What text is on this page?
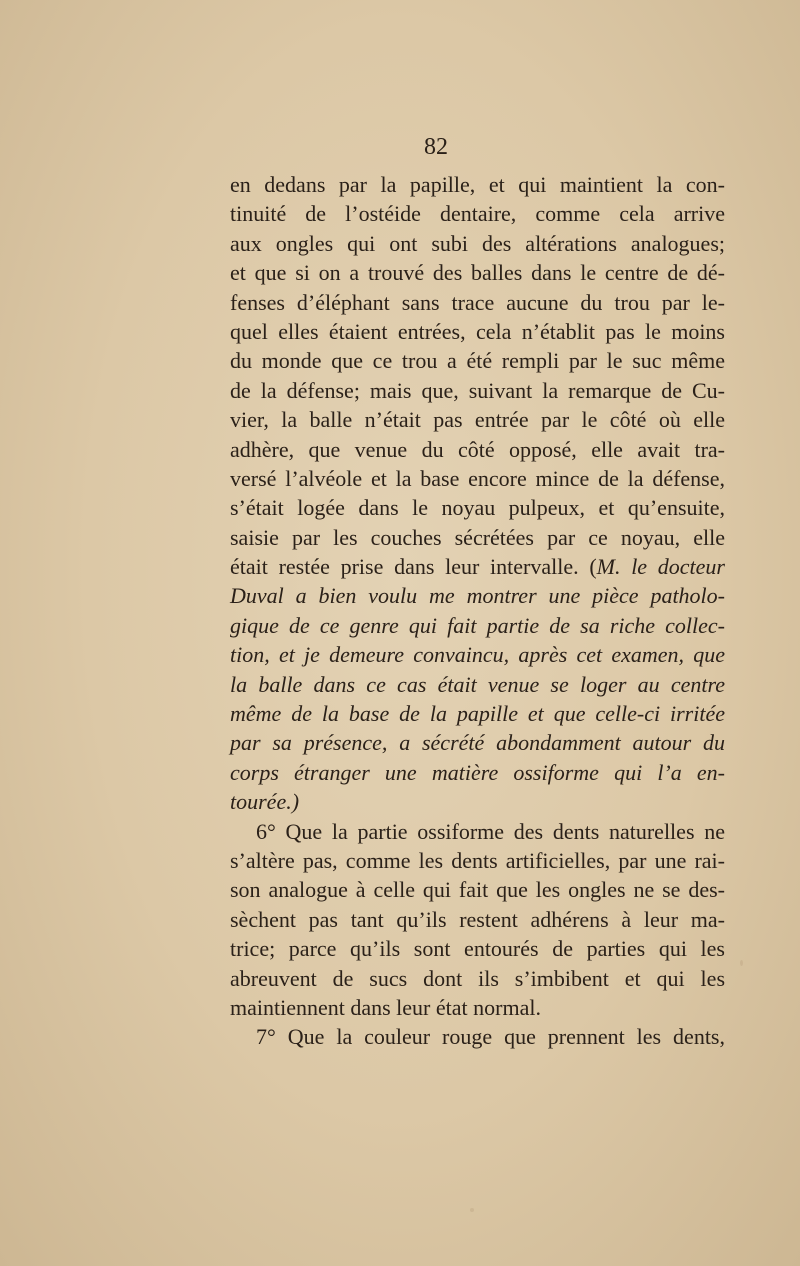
82
en dedans par la papille, et qui maintient la con-
tinuité de l’ostéide dentaire, comme cela arrive
aux ongles qui ont subi des altérations analogues;
et que si on a trouvé des balles dans le centre de dé-
fenses d’éléphant sans trace aucune du trou par le-
quel elles étaient entrées, cela n’établit pas le moins
du monde que ce trou a été rempli par le suc même
de la défense; mais que, suivant la remarque de Cu-
vier, la balle n’était pas entrée par le côté où elle
adhère, que venue du côté opposé, elle avait tra-
versé l’alvéole et la base encore mince de la défense,
s’était logée dans le noyau pulpeux, et qu’ensuite,
saisie par les couches sécrétées par ce noyau, elle
était restée prise dans leur intervalle. (M. le docteur
Duval a bien voulu me montrer une pièce patholo-
gique de ce genre qui fait partie de sa riche collec-
tion, et je demeure convaincu, après cet examen, que
la balle dans ce cas était venue se loger au centre
même de la base de la papille et que celle-ci irritée
par sa présence, a sécrété abondamment autour du
corps étranger une matière ossiforme qui l’a en-
tourée.)
6° Que la partie ossiforme des dents naturelles ne
s’altère pas, comme les dents artificielles, par une rai-
son analogue à celle qui fait que les ongles ne se des-
sèchent pas tant qu’ils restent adhérens à leur ma-
trice; parce qu’ils sont entourés de parties qui les
abreuvent de sucs dont ils s’imbibent et qui les
maintiennent dans leur état normal.
7° Que la couleur rouge que prennent les dents,
